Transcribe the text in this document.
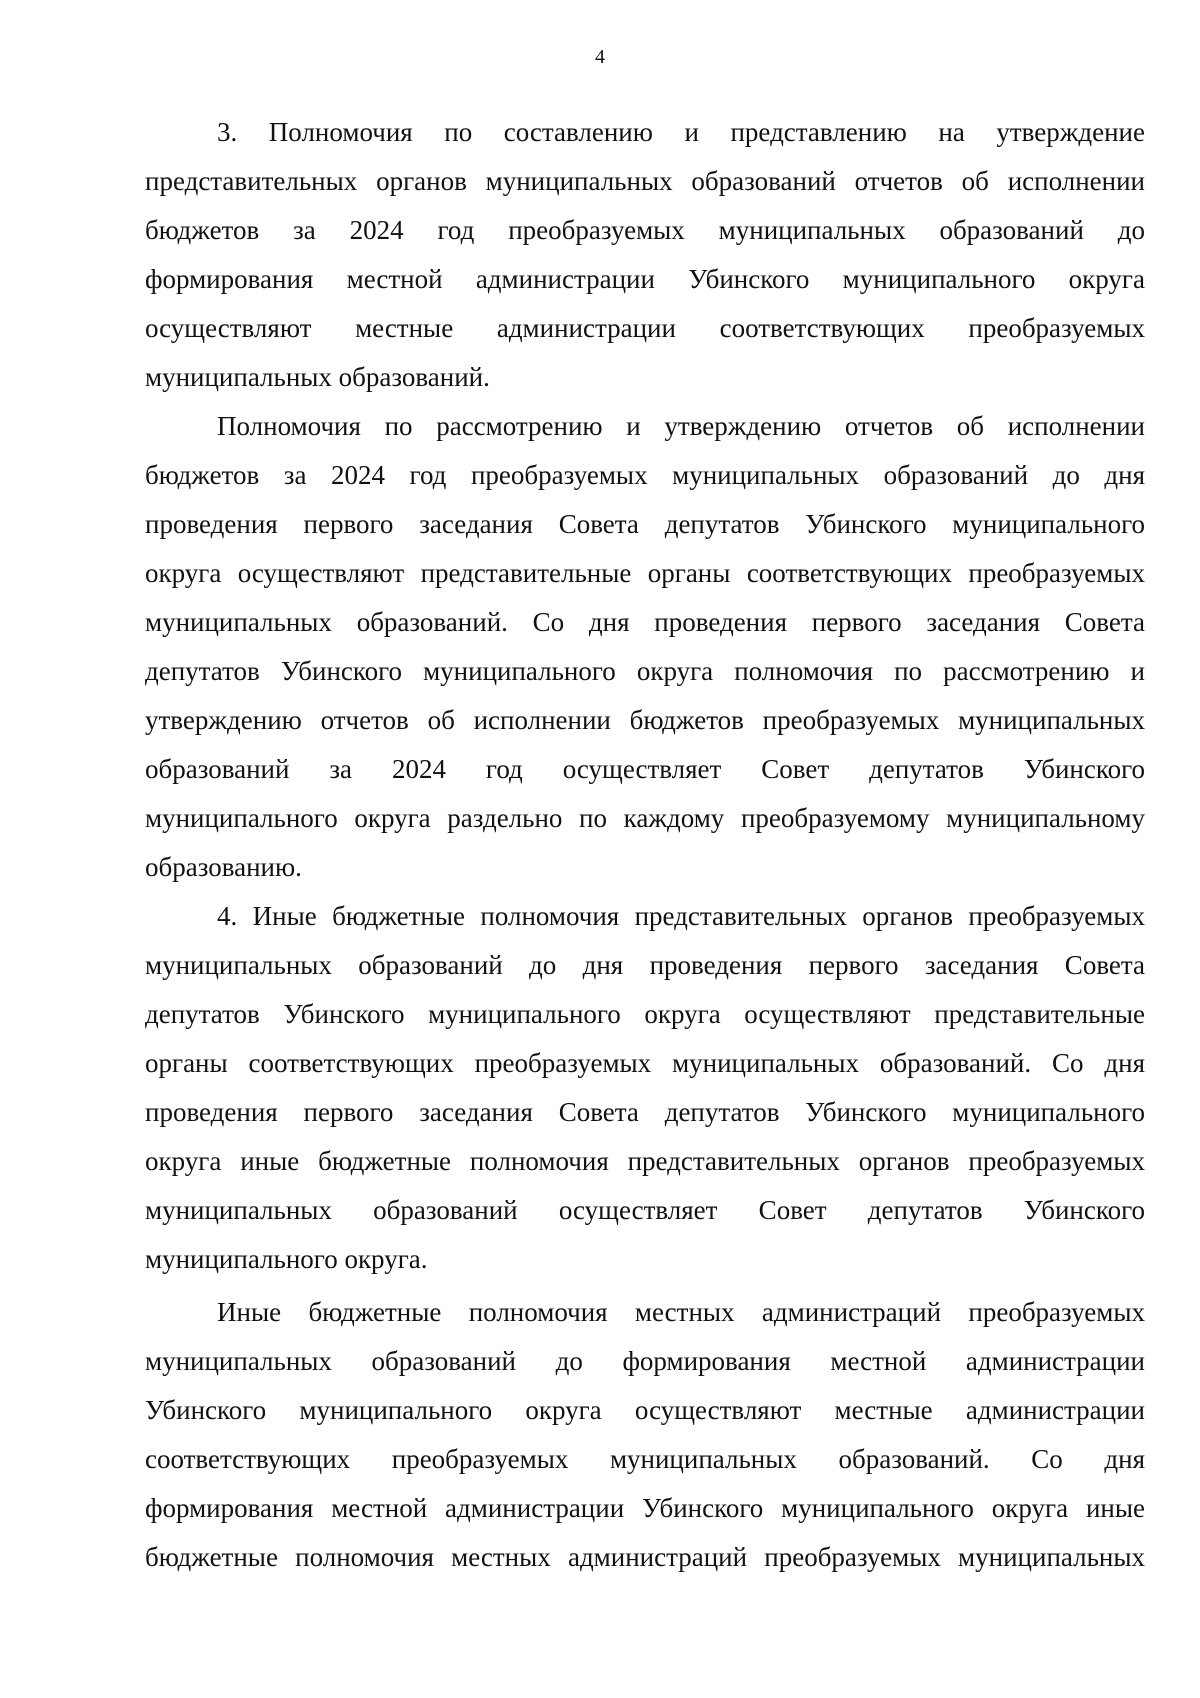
4
3. Полномочия по составлению и представлению на утверждение
представительных органов муниципальных образований отчетов об исполнении
бюджетов за 2024 год преобразуемых муниципальных образований до
формирования местной администрации Убинского муниципального округа
осуществляют местные администрации соответствующих преобразуемых
муниципальных образований.
Полномочия по рассмотрению и утверждению отчетов об исполнении
бюджетов за 2024 год преобразуемых муниципальных образований до дня
проведения первого заседания Совета депутатов Убинского муниципального
округа осуществляют представительные органы соответствующих преобразуемых
муниципальных образований. Со дня проведения первого заседания Совета
депутатов Убинского муниципального округа полномочия по рассмотрению и
утверждению отчетов об исполнении бюджетов преобразуемых муниципальных
образований за 2024 год осуществляет Совет депутатов Убинского
муниципального округа раздельно по каждому преобразуемому муниципальному
образованию.
4. Иные бюджетные полномочия представительных органов преобразуемых
муниципальных образований до дня проведения первого заседания Совета
депутатов Убинского муниципального округа осуществляют представительные
органы соответствующих преобразуемых муниципальных образований. Со дня
проведения первого заседания Совета депутатов Убинского муниципального
округа иные бюджетные полномочия представительных органов преобразуемых
муниципальных образований осуществляет Совет депутатов Убинского
муниципального округа.
Иные бюджетные полномочия местных администраций преобразуемых
муниципальных образований до формирования местной администрации
Убинского муниципального округа осуществляют местные администрации
соответствующих преобразуемых муниципальных образований. Со дня
формирования местной администрации Убинского муниципального округа иные
бюджетные полномочия местных администраций преобразуемых муниципальных
